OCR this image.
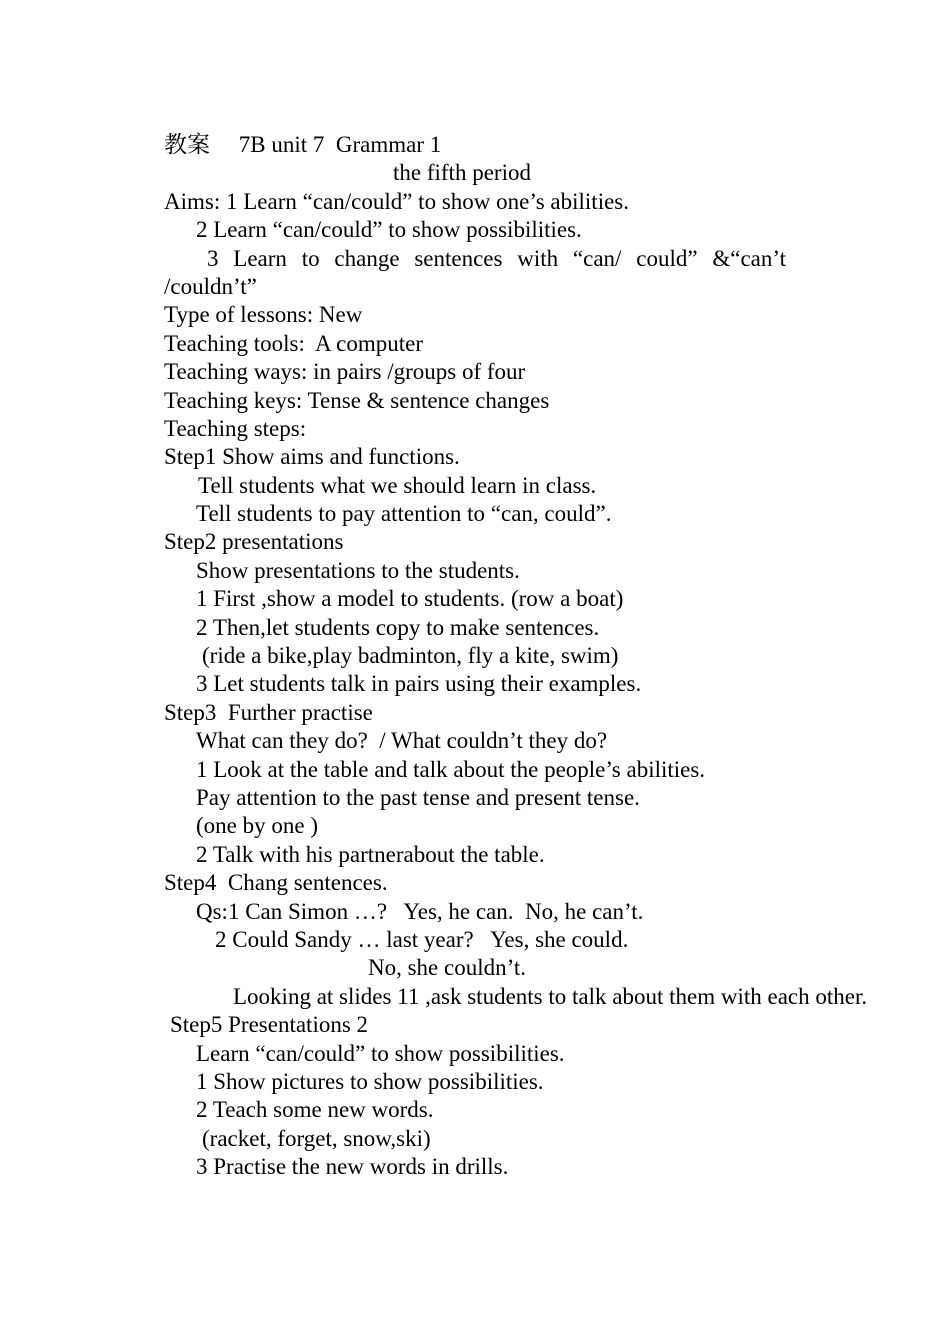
教案 7B unit 7  Grammar 1
the fifth period
Aims: 1 Learn “can/could” to show one’s abilities.
2 Learn “can/could” to show possibilities.
3 Learn to change sentences with “can/ could” &“can’t
/couldn’t”
Type of lessons: New
Teaching tools:  A computer
Teaching ways: in pairs /groups of four
Teaching keys: Tense & sentence changes
Teaching steps:
Step1 Show aims and functions.
Tell students what we should learn in class.
Tell students to pay attention to “can, could”.
Step2 presentations
Show presentations to the students.
1 First ,show a model to students. (row a boat)
2 Then,let students copy to make sentences.
(ride a bike,play badminton, fly a kite, swim)
3 Let students talk in pairs using their examples.
Step3  Further practise
What can they do?  / What couldn’t they do?
1 Look at the table and talk about the people’s abilities.
Pay attention to the past tense and present tense.
(one by one )
2 Talk with his partnerabout the table.
Step4  Chang sentences.
Qs:1 Can Simon …?   Yes, he can.  No, he can’t.
2 Could Sandy … last year?   Yes, she could.
No, she couldn’t.
Looking at slides 11 ,ask students to talk about them with each other.
Step5 Presentations 2
Learn “can/could” to show possibilities.
1 Show pictures to show possibilities.
2 Teach some new words.
(racket, forget, snow,ski)
3 Practise the new words in drills.
